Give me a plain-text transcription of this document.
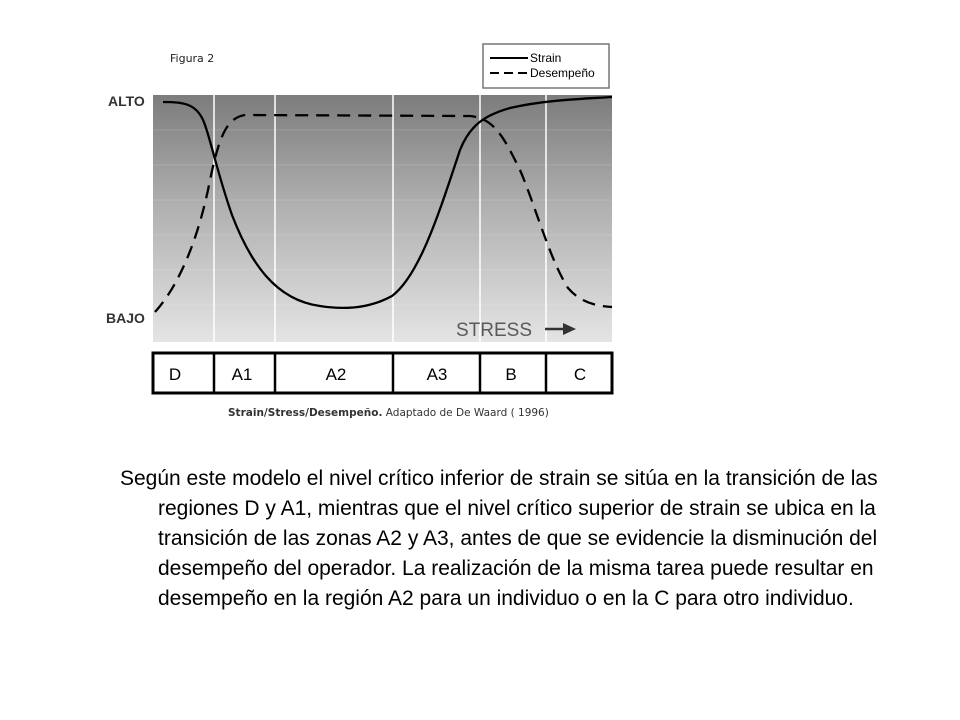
Figura 2
ALTO
BAJO
STRESS
Strain
Desempeño
D	A1	A2	A3	B	C
Strain/Stress/Desempeño. Adaptado de De Waard ( 1996)

Según este modelo el nivel crítico inferior de strain se sitúa en la transición de las regiones D y A1, mientras que el nivel crítico superior de strain se ubica en la transición de las zonas A2 y A3, antes de que se evidencie la disminución del desempeño del operador. La realización de la misma tarea puede resultar en desempeño en la región A2 para un individuo o en la C para otro individuo.
